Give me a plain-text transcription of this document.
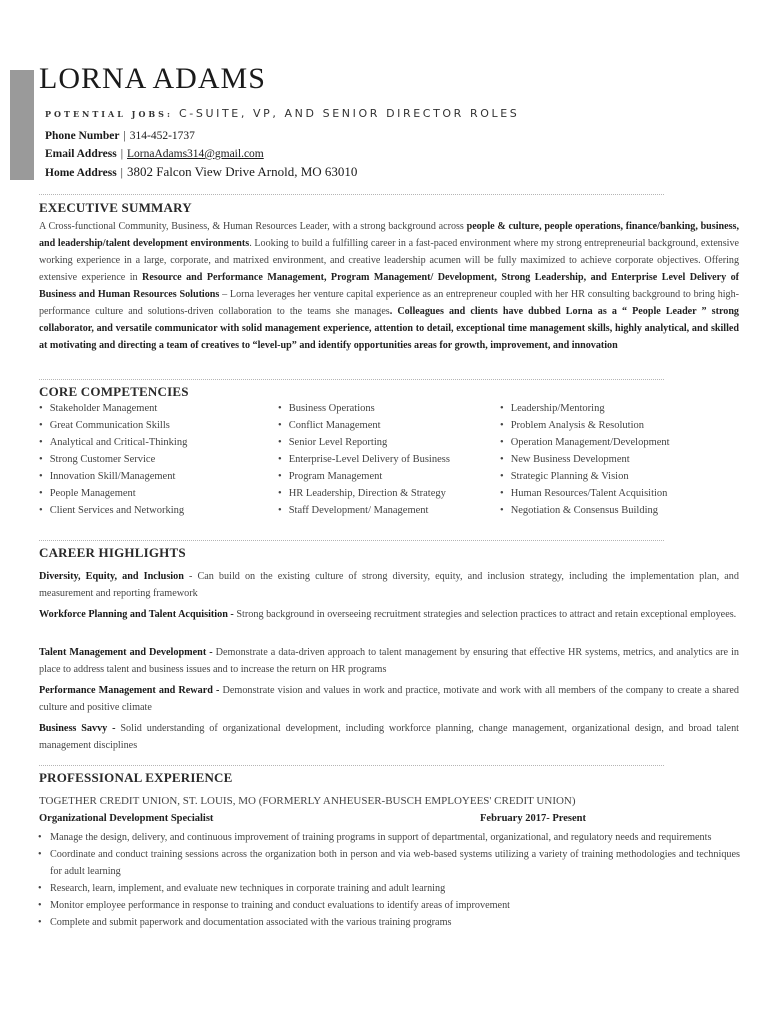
LORNA ADAMS
POTENTIAL JOBS: C-SUITE, VP, AND SENIOR DIRECTOR ROLES
Phone Number | 314-452-1737
Email Address | LornaAdams314@gmail.com
Home Address | 3802 Falcon View Drive Arnold, MO 63010
EXECUTIVE SUMMARY
A Cross-functional Community, Business, & Human Resources Leader, with a strong background across people & culture, people operations, finance/banking, business, and leadership/talent development environments. Looking to build a fulfilling career in a fast-paced environment where my strong entrepreneurial background, extensive working experience in a large, corporate, and matrixed environment, and creative leadership acumen will be fully maximized to achieve corporate objectives. Offering extensive experience in Resource and Performance Management, Program Management/ Development, Strong Leadership, and Enterprise Level Delivery of Business and Human Resources Solutions – Lorna leverages her venture capital experience as an entrepreneur coupled with her HR consulting background to bring high-performance culture and solutions-driven collaboration to the teams she manages. Colleagues and clients have dubbed Lorna as a “ People Leader ” strong collaborator, and versatile communicator with solid management experience, attention to detail, exceptional time management skills, highly analytical, and skilled at motivating and directing a team of creatives to “level-up” and identify opportunities areas for growth, improvement, and innovation
CORE COMPETENCIES
• Stakeholder Management
• Great Communication Skills
• Analytical and Critical-Thinking
• Strong Customer Service
• Innovation Skill/Management
• People Management
• Client Services and Networking
• Business Operations
• Conflict Management
• Senior Level Reporting
• Enterprise-Level Delivery of Business
• Program Management
• HR Leadership, Direction & Strategy
• Staff Development/ Management
• Leadership/Mentoring
• Problem Analysis & Resolution
• Operation Management/Development
• New Business Development
• Strategic Planning & Vision
• Human Resources/Talent Acquisition
• Negotiation & Consensus Building
CAREER HIGHLIGHTS
Diversity, Equity, and Inclusion - Can build on the existing culture of strong diversity, equity, and inclusion strategy, including the implementation plan, and measurement and reporting framework
Workforce Planning and Talent Acquisition - Strong background in overseeing recruitment strategies and selection practices to attract and retain exceptional employees.
Talent Management and Development - Demonstrate a data-driven approach to talent management by ensuring that effective HR systems, metrics, and analytics are in place to address talent and business issues and to increase the return on HR programs
Performance Management and Reward - Demonstrate vision and values in work and practice, motivate and work with all members of the company to create a shared culture and positive climate
Business Savvy - Solid understanding of organizational development, including workforce planning, change management, organizational design, and broad talent management disciplines
PROFESSIONAL EXPERIENCE
TOGETHER CREDIT UNION, ST. LOUIS, MO (FORMERLY ANHEUSER-BUSCH EMPLOYEES' CREDIT UNION)
Organizational Development Specialist	February 2017- Present
• Manage the design, delivery, and continuous improvement of training programs in support of departmental, organizational, and regulatory needs and requirements
• Coordinate and conduct training sessions across the organization both in person and via web-based systems utilizing a variety of training methodologies and techniques for adult learning
• Research, learn, implement, and evaluate new techniques in corporate training and adult learning
• Monitor employee performance in response to training and conduct evaluations to identify areas of improvement
• Complete and submit paperwork and documentation associated with the various training programs
